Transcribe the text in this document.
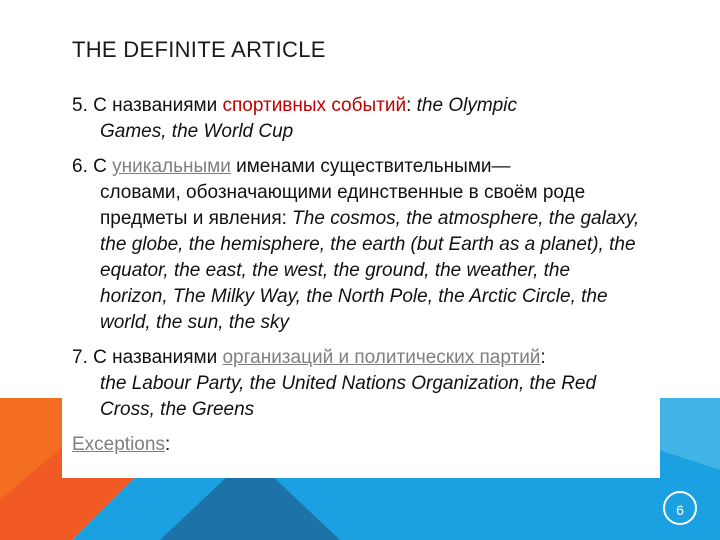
THE DEFINITE ARTICLE
5. С названиями спортивных событий: the Olympic
Games, the World Cup
6. С уникальными именами существительными—
словами, обозначающими единственные в своём роде предметы и явления: The cosmos, the atmosphere, the galaxy, the globe, the hemisphere, the earth (but Earth as a planet), the equator, the east, the west, the ground, the weather, the horizon, The Milky Way, the North Pole, the Arctic Circle, the world, the sun, the sky
7. С названиями организаций и политических партий:
the Labour Party, the United Nations Organization, the Red Cross, the Greens
Exceptions:
6
